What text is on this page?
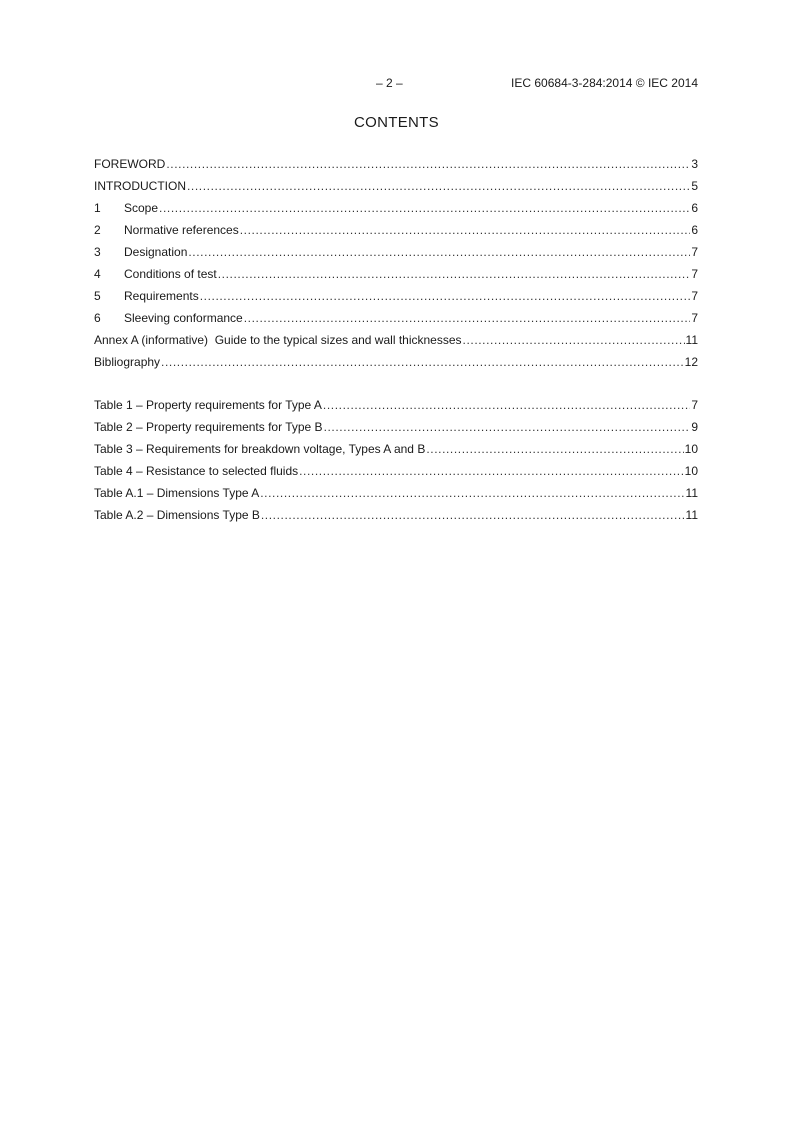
– 2 –	IEC 60684-3-284:2014 © IEC 2014
CONTENTS
FOREWORD .....	3
INTRODUCTION .....	5
1	Scope .....	6
2	Normative references .....	6
3	Designation .....	7
4	Conditions of test .....	7
5	Requirements .....	7
6	Sleeving conformance .....	7
Annex A (informative)  Guide to the typical sizes and wall thicknesses .....	11
Bibliography .....	12
Table 1 – Property requirements for Type A .....	7
Table 2 – Property requirements for Type B .....	9
Table 3 – Requirements for breakdown voltage, Types A and B .....	10
Table 4 – Resistance to selected fluids .....	10
Table A.1 – Dimensions Type A .....	11
Table A.2 – Dimensions Type B .....	11
